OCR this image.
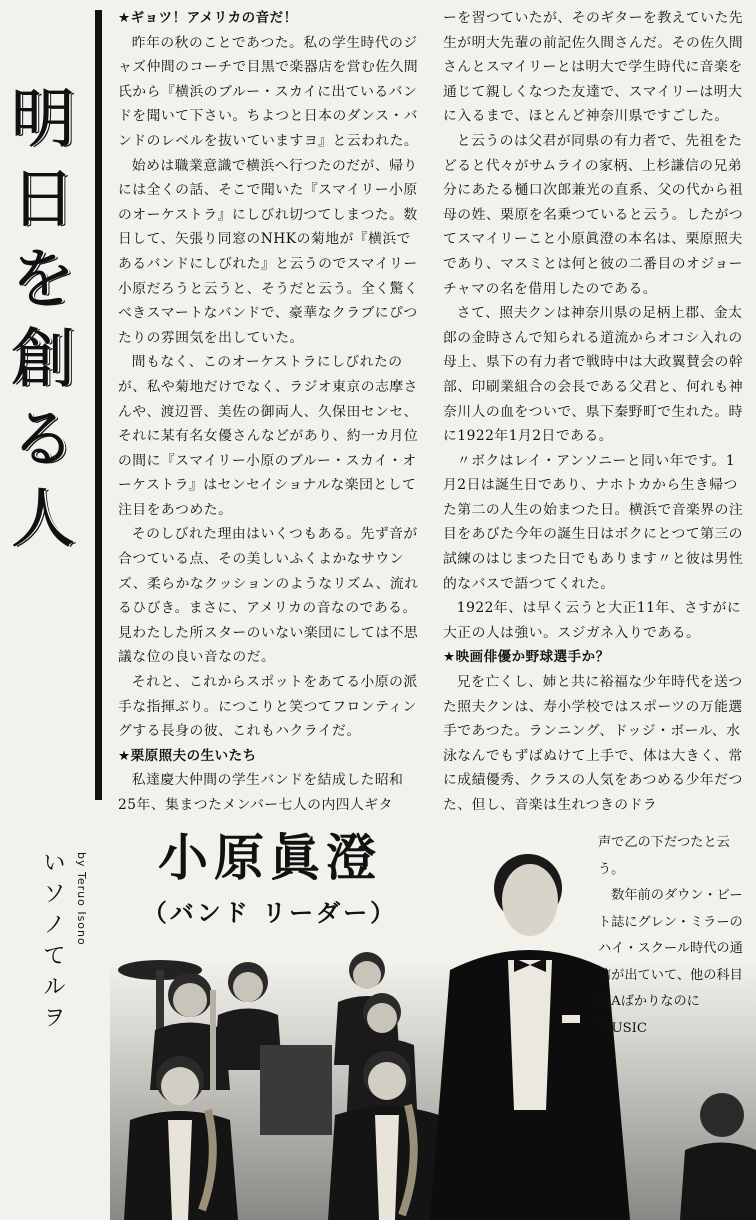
明
日
を
創
る
人
★ギョツ！アメリカの音だ！

昨年の秋のことであつた。私の学生時代のジャズ仲間のコーチで目黒で楽器店を営む佐久間氏から『横浜のブルー・スカイに出ているバンドを聞いて下さい。ちよつと日本のダンス・バンドのレベルを抜いていますヨ』と云われた。

始めは職業意識で横浜へ行つたのだが、帰りには全くの話、そこで聞いた『スマイリー小原のオーケストラ』にしびれ切つてしまつた。数日して、矢張り同窓のNHKの菊地が『横浜であるバンドにしびれた』と云うのでスマイリー小原だろうと云うと、そうだと云う。全く驚くべきスマートなバンドで、豪華なクラブにぴつたりの雰囲気を出していた。

間もなく、このオーケストラにしびれたのが、私や菊地だけでなく、ラジオ東京の志摩さんや、渡辺晋、美佐の御両人、久保田センセ、それに某有名女優さんなどがあり、約一カ月位の間に『スマイリー小原のブルー・スカイ・オーケストラ』はセンセイショナルな楽団として注目をあつめた。

そのしびれた理由はいくつもある。先ず音が合つている点、その美しいふくよかなサウンズ、柔らかなクッションのようなリズム、流れるひびき。まさに、アメリカの音なのである。見わたした所スターのいない楽団にしては不思議な位の良い音なのだ。

それと、これからスポットをあてる小原の派手な指揮ぶり。につこりと笑つてフロンティングする長身の彼、これもハクライだ。

★栗原照夫の生いたち

私達慶大仲間の学生バンドを結成した昭和25年、集まつたメンバー七人の内四人ギタ

ーを習つていたが、そのギターを教えていた先生が明大先輩の前記佐久間さんだ。その佐久間さんとスマイリーとは明大で学生時代に音楽を通じて親しくなつた友達で、スマイリーは明大に入るまで、ほとんど神奈川県ですごした。

と云うのは父君が同県の有力者で、先祖をたどると代々がサムライの家柄、上杉謙信の兄弟分にあたる樋口次郎兼光の直系、父の代から祖母の姓、栗原を名乗つていると云う。したがつてスマイリーこと小原眞澄の本名は、栗原照夫であり、マスミとは何と彼の二番目のオジョーチャマの名を借用したのである。

さて、照夫クンは神奈川県の足柄上郡、金太郎の金時さんで知られる道流からオコシ入れの母上、県下の有力者で戦時中は大政翼賛会の幹部、印刷業組合の会長である父君と、何れも神奈川人の血をついで、県下秦野町で生れた。時に1922年1月2日である。

〃ボクはレイ・アンソニーと同い年です。1月2日は誕生日であり、ナホトカから生き帰つた第二の人生の始まつた日。横浜で音楽界の注目をあびた今年の誕生日はボクにとつて第三の試練のはじまつた日でもあります〃と彼は男性的なバスで語つてくれた。

1922年、は早く云うと大正11年、さすがに大正の人は強い。スジガネ入りである。

★映画俳優か野球選手か？

兄を亡くし、姉と共に裕福な少年時代を送つた照夫クンは、寿小学校ではスポーツの万能選手であつた。ランニング、ドッジ・ボール、水泳なんでもずばぬけて上手で、体は大きく、常に成績優秀、クラスの人気をあつめる少年だつた、但し、音楽は生れつきのドラ

小原眞澄
（バンド リーダー）
いソノてルヲ by Teruo Isono

声で乙の下だつたと云う。

数年前のダウン・ビート誌にグレン・ミラーのハイ・スクール時代の通信が出ていて、他の科目がAばかりなのにMUSIC
